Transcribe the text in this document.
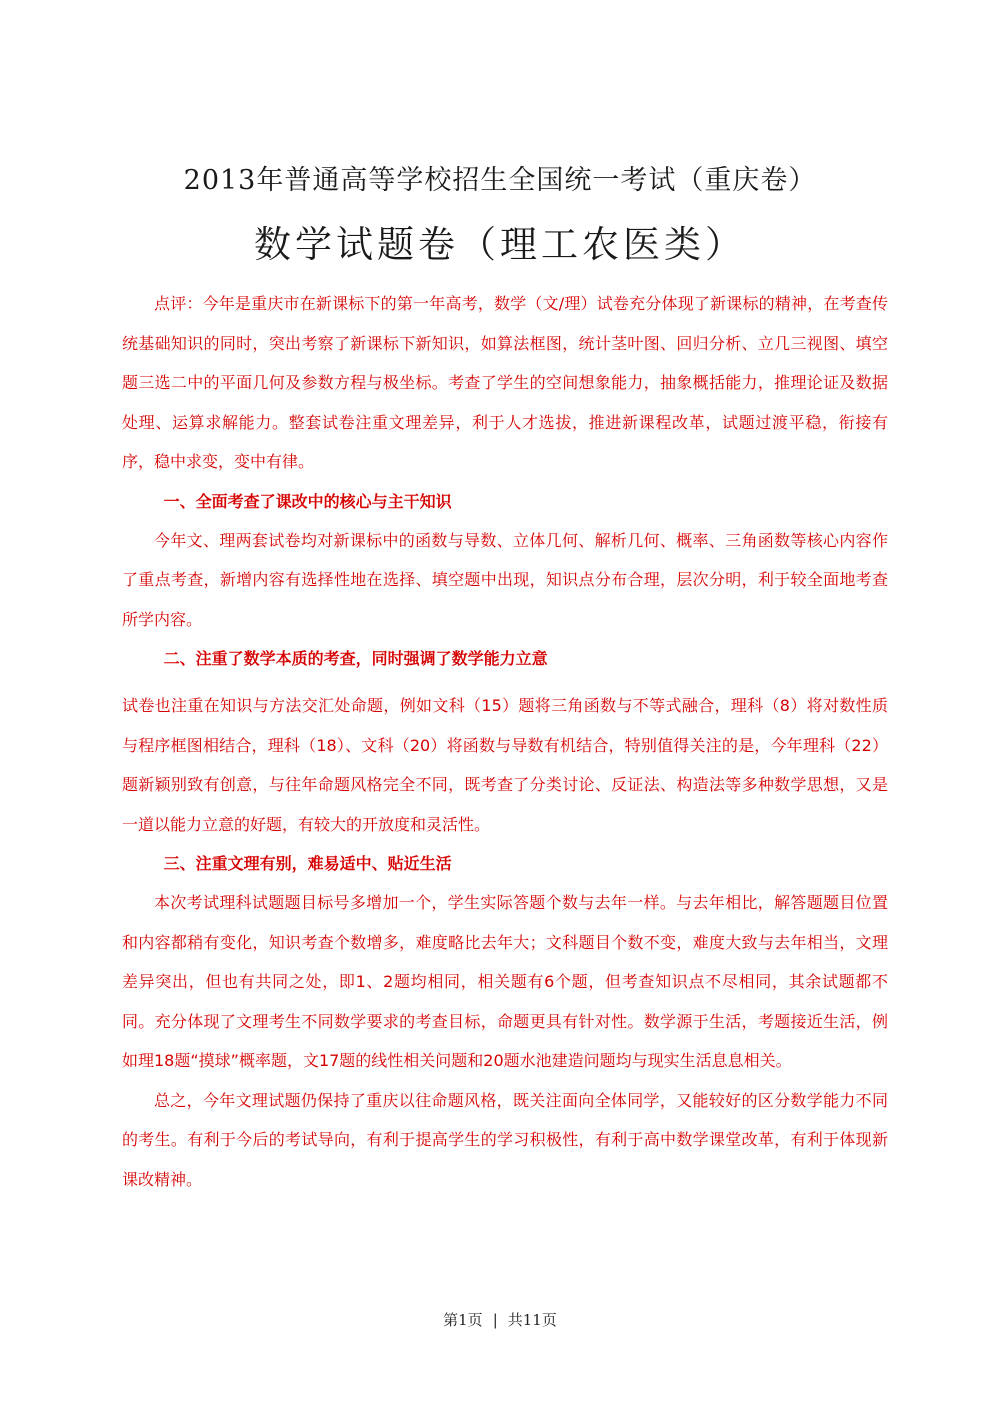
2013年普通高等学校招生全国统一考试（重庆卷）
数学试题卷（理工农医类）

点评：今年是重庆市在新课标下的第一年高考，数学（文/理）试卷充分体现了新课标的精神，在考查传统基础知识的同时，突出考察了新课标下新知识，如算法框图，统计茎叶图、回归分析、立几三视图、填空题三选二中的平面几何及参数方程与极坐标。考查了学生的空间想象能力，抽象概括能力，推理论证及数据处理、运算求解能力。整套试卷注重文理差异，利于人才选拔，推进新课程改革，试题过渡平稳，衔接有序，稳中求变，变中有律。

一、全面考查了课改中的核心与主干知识

今年文、理两套试卷均对新课标中的函数与导数、立体几何、解析几何、概率、三角函数等核心内容作了重点考查，新增内容有选择性地在选择、填空题中出现，知识点分布合理，层次分明，利于较全面地考查所学内容。

二、注重了数学本质的考查，同时强调了数学能力立意

试卷也注重在知识与方法交汇处命题，例如文科（15）题将三角函数与不等式融合，理科（8）将对数性质与程序框图相结合，理科（18）、文科（20）将函数与导数有机结合，特别值得关注的是，今年理科（22）题新颖别致有创意，与往年命题风格完全不同，既考查了分类讨论、反证法、构造法等多种数学思想，又是一道以能力立意的好题，有较大的开放度和灵活性。

三、注重文理有别，难易适中、贴近生活

本次考试理科试题题目标号多增加一个，学生实际答题个数与去年一样。与去年相比，解答题题目位置和内容都稍有变化，知识考查个数增多，难度略比去年大；文科题目个数不变，难度大致与去年相当，文理差异突出，但也有共同之处，即1、2题均相同，相关题有6个题，但考查知识点不尽相同，其余试题都不同。充分体现了文理考生不同数学要求的考查目标，命题更具有针对性。数学源于生活，考题接近生活，例如理18题“摸球”概率题，文17题的线性相关问题和20题水池建造问题均与现实生活息息相关。

总之，今年文理试题仍保持了重庆以往命题风格，既关注面向全体同学，又能较好的区分数学能力不同的考生。有利于今后的考试导向，有利于提高学生的学习积极性，有利于高中数学课堂改革，有利于体现新课改精神。

第1页 | 共11页
